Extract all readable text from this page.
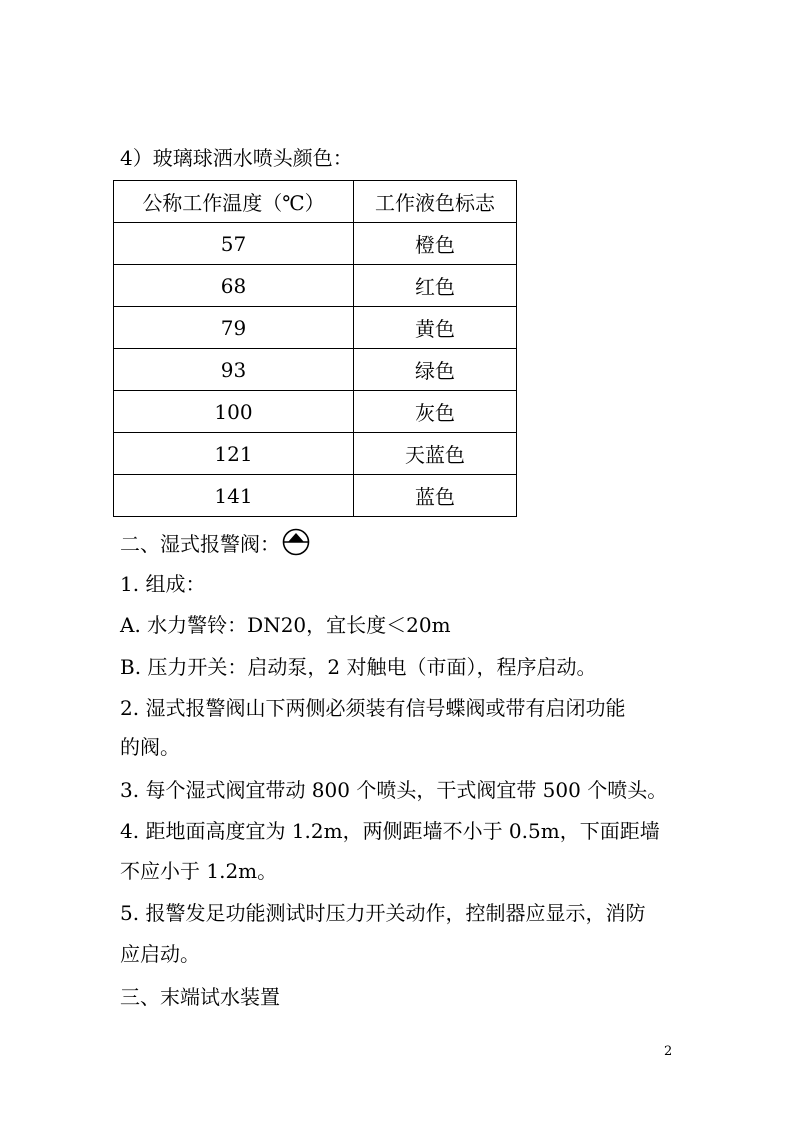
4）玻璃球洒水喷头颜色：
公称工作温度（℃）	工作液色标志
57	橙色
68	红色
79	黄色
93	绿色
100	灰色
121	天蓝色
141	蓝色
二、湿式报警阀：
1. 组成：
A. 水力警铃：DN20，宜长度＜20m
B. 压力开关：启动泵，2 对触电（市面），程序启动。
2. 湿式报警阀山下两侧必须装有信号蝶阀或带有启闭功能
的阀。
3. 每个湿式阀宜带动 800 个喷头，干式阀宜带 500 个喷头。
4. 距地面高度宜为 1.2m，两侧距墙不小于 0.5m，下面距墙
不应小于 1.2m。
5. 报警发足功能测试时压力开关动作，控制器应显示，消防
应启动。
三、末端试水装置
2
